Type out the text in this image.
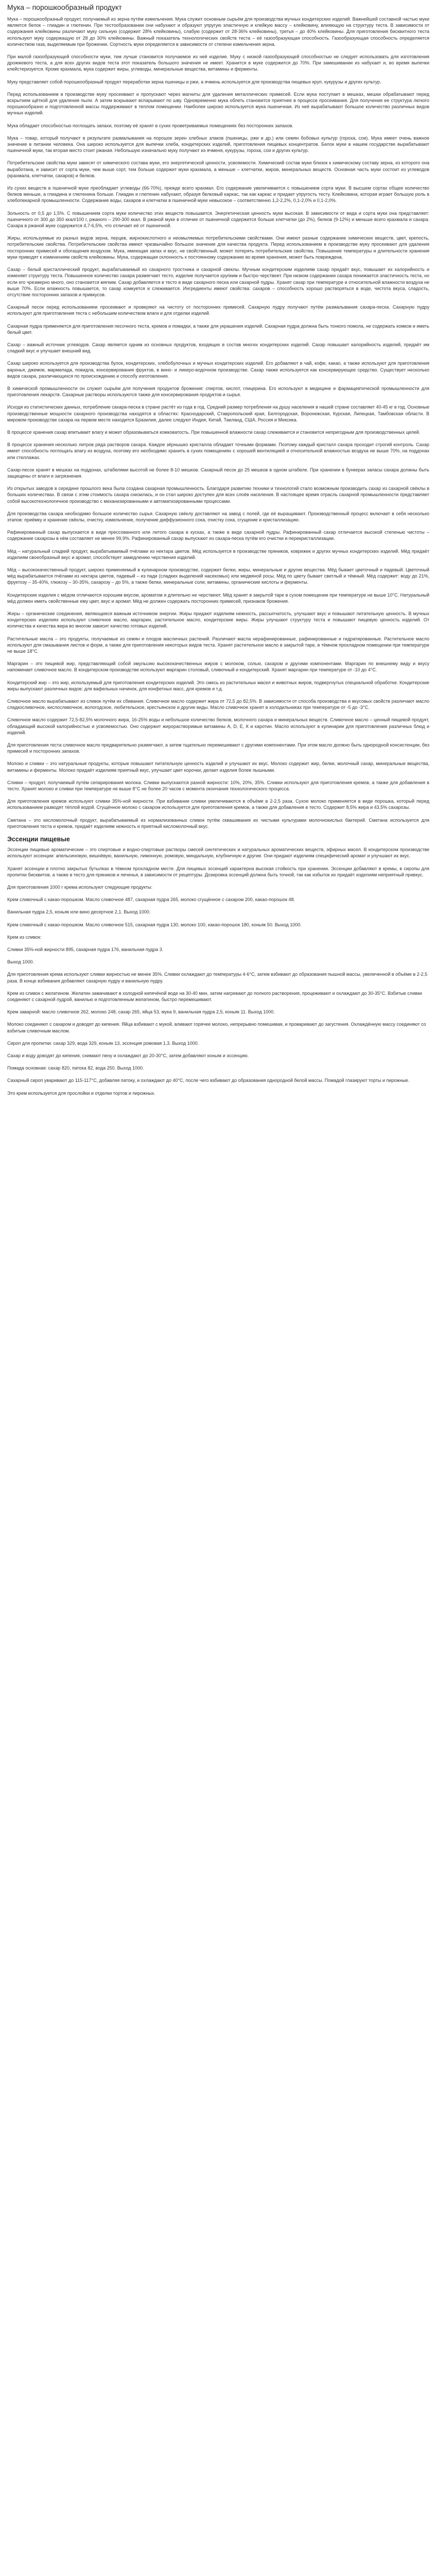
Мука – порошкообразный продукт

Мука – порошкообразный продукт, получаемый из зерна путём измельчения. Мука служит основным сырьём для производства мучных кондитерских изделий. Важнейшей составной частью муки является белок – глиадин и глютенин. При тестообразовании они набухают и образуют упругую эластичную и клейкую массу – клейковину, влияющую на структуру теста. В зависимости от содержания клейковины различают муку сильную (содержит 28% клейковины), слабую (содержит от 28-36% клейковины), третья – до 40% клейковины. Для приготовления бисквитного теста используют муку содержащую от 28 до 30% клейковины. Важный показатель технологических свойств теста – её газообразующая способность. Газообразующая способность определяется количеством газа, выделяемым при брожении. Сортность муки определяется в зависимости от степени измельчения зерна.

При малой газообразующей способности муки, тем лучше становится получаемое из неё изделие. Муку с низкой газообразующей способностью не следует использовать для изготовления дрожжевого теста, а для всех других видов теста этот показатель большого значения не имеет. Хранится в муке содержится до 70%. При замешивании из набухает и, во время выпечки клейстеризуется. Кроме крахмала, мука содержит жиры, углеводы, минеральные вещества, витамины и ферменты.

Муку представляет собой порошкообразный продукт переработки зерна пшеницы и ржи, а ячмень используется для производства пищевых круп, кукурузы и других культур.

Перед использованием в производстве муку просеивают и пропускают через магниты для удаления металлических примесей. Если мука поступает в мешках, мешки обрабатывают перед вскрытием щёткой для удаления пыли. А затем вскрывают вспарывают по шву. Одновременно мука облеть становится приятнее в процессе просеивания. Для получения ее структура легкого порошкообразно и подготовленной массы поддерживают в теплом помещении. Наиболее широко используется мука пшеничная. Из неё вырабатывают большое количество различных видов мучных изделий.

Мука обладает способностью поглощать запахи, поэтому её хранят в сухих проветриваемых помещениях без посторонних запахов.

Мука – товар, который получают в результате размалывания на порошок зерен хлебных злаков (пшеницы, ржи и др.) или семян бобовых культур (гороха, сои). Мука имеет очень важное значение в питании человека. Она широко используется для выпечки хлеба, кондитерских изделий, приготовления пищевых концентратов. Белок муки в нашем государстве вырабатывают пшеничной муки, так вторая место стоит ржаная. Небольшую изначально муку получают из ячменя, кукурузы, гороха, сои и других культур.

Потребительские свойства муки зависят от химического состава муки, его энергетической ценности, усвояемости. Химический состав муки близок к химическому составу зерна, из которого она выработана, и зависит от сорта муки, чем выше сорт, тем больше содержит муки крахмала, а меньше – клетчатки, жиров, минеральных веществ. Основная часть муки состоит из углеводов (крахмала, клетчатки, сахаров) и белков.

Из сухих веществ в пшеничной муке преобладает углеводы (66-70%), прежде всего крахмал. Его содержание увеличивается с повышением сорта муки. В высшем сортах общее количество белков меньше, а глиадина и глютенина больше. Глиадин и глютенин набухают, образуя белковый каркас, так как каркас и придает упругость тесту. Клейковина, которая играет большую роль в хлебопекарной промышленности. Содержание воды, сахаров и клетчатки в пшеничной муке невысокое – соответственно 1,2-2,2%, 0,1-2,0% и 0,1-2,0%.

Зольность от 0,5 до 1,5%. С повышением сорта муки количество этих веществ повышается. Энергетическая ценность муки высокая. В зависимости от вида и сорта муки она представляет: пшеничного от 300 до 350 ккал/100 г, ржаного – 290-300 ккал. В ржаной муке в отличие от пшеничной содержится больше клетчатки (до 2%), белков (9-12%) и меньше всего крахмала и сахара. Сахара в ржаной муке содержится 4,7-6,5%, что отличает её от пшеничной.

Жиры, используемые из разных видов зерна, перцев, жирнокислотного и неомыляемых потребительскими свойствами. Они имеют разные содержание химических веществ, цвет, крепость, потребительские свойства. Потребительские свойства имеют чрезвычайно большое значение для качества продукта. Перед использованием в производстве муку просеивают для удаления посторонних примесей и обогащения воздухом. Мука, имеющая запах и вкус, не свойственный, может потерять потребительские свойства. Повышение температуры и длительности хранения муки приводят к изменениям свойств клейковины. Мука, содержащая склонность к постоянному содержанию во время хранения, может быть повреждена.

Сахар – белый кристаллический продукт, вырабатываемый из сахарного тростника и сахарной свеклы. Мучным кондитерским изделиям сахар придаёт вкус, повышает их калорийность и изменяет структуру теста. Повышенное количество сахара размягчает тесто, изделие получается хрупким и быстро черствеет. При низком содержании сахара понижается эластичность теста, но если его чрезмерно много, оно становится мягким. Сахар добавляется в тесто в виде сахарного песка или сахарной пудры. Хранят сахар при температуре и относительной влажности воздуха не выше 70%. Если влажность повышается, то сахар комкуется и слеживается. Ингредиенты имеют свойства: сахаров – способность хорошо растворяться в воде, чистота вкуса, сладость, отсутствие посторонних запахов и привкусов.

Сахарный песок перед использованием просеивают и проверяют на чистоту от посторонних примесей. Сахарную пудру получают путём размалывания сахара-песка. Сахарную пудру используют для приготовления теста с небольшим количеством влаги и для отделки изделий.

Сахарная пудра применяется для приготовления песочного теста, кремов и помадки, а также для украшения изделий. Сахарная пудра должна быть тонкого помола, не содержать комков и иметь белый цвет.

Сахар – важный источник углеводов. Сахар является одним из основных продуктов, входящих в состав многих кондитерских изделий. Сахар повышает калорийность изделий, придаёт им сладкий вкус и улучшает внешний вид.

Сахар широко используется для производства булок, кондитерских, хлебобулочных и мучных кондитерских изделий. Его добавляют в чай, кофе, какао, а также используют для приготовления варенья, джемов, мармелада, повидла, консервирования фруктов, в вино- и ликеро-водочном производстве. Сахар также используется как консервирующее средство. Существует несколько видов сахара, различающихся по происхождению и способу изготовления.

В химической промышленности он служит сырьём для получения продуктов брожения: спиртов, кислот, глицерина. Его используют в медицине и фармацевтической промышленности для приготовления лекарств. Сахарные растворы используются также для консервирования продуктов и сырья.

Исходя из статистических данных, потребление сахара-песка в стране растёт из года в год. Средний размер потребления на душу населения в нашей стране составляет 40-45 кг в год. Основные производственные мощности сахарного производства находятся в областях: Краснодарский, Ставропольский края, Белгородская, Воронежская, Курская, Липецкая, Тамбовская области. В мировом производстве сахара на первом месте находится Бразилия, далее следуют Индия, Китай, Таиланд, США, Россия и Мексика.

В процессе хранения сахар впитывает влагу и может образовываться комковатость. При повышенной влажности сахар слеживается и становится непригодным для производственных целей.

В процессе хранения несколько литров ряда растворов сахара. Каждое зёрнышко кристалла обладает точными формами. Поэтому каждый кристалл сахара проходит строгий контроль. Сахар имеет способность поглощать влагу из воздуха, поэтому его необходимо хранить в сухих помещениях с хорошей вентиляцией и относительной влажностью воздуха не выше 70%, на поддонах или стеллажах.

Сахар-песок хранят в мешках на поддонах, штабелями высотой не более 8-10 мешков. Сахарный песок до 25 мешков в одном штабеле. При хранении в бункерах запасы сахара должны быть защищены от влаги и загрязнения.

Из открытых заводов в середине прошлого века была создана сахарная промышленность. Благодаря развитию техники и технологий стало возможным производить сахар из сахарной свёклы в больших количествах. В связи с этим стоимость сахара снизилась, и он стал широко доступен для всех слоёв населения. В настоящее время отрасль сахарной промышленности представляет собой высокотехнологичное производство с механизированными и автоматизированными процессами.

Для производства сахара необходимо большое количество сырья. Сахарную свёклу доставляют на завод с полей, где её выращивают. Производственный процесс включает в себя несколько этапов: приёмку и хранение свёклы, очистку, измельчение, получение диффузионного сока, очистку сока, сгущение и кристаллизацию.

Рафинированный сахар выпускается в виде прессованного или литого сахара в кусках, а также в виде сахарной пудры. Рафинированный сахар отличается высокой степенью чистоты – содержание сахарозы в нём составляет не менее 99,9%. Рафинированный сахар выпускают из сахара-песка путём его очистки и перекристаллизации.

Мёд – натуральный сладкий продукт, вырабатываемый пчёлами из нектара цветов. Мёд используется в производстве пряников, коврижек и других мучных кондитерских изделий. Мёд придаёт изделиям своеобразный вкус и аромат, способствует замедлению черствения изделий.

Мёд – высококачественный продукт, широко применяемый в кулинарном производстве, содержит белки, жиры, минеральные и другие вещества. Мёд бывает цветочный и падевый. Цветочный мёд вырабатывается пчёлами из нектара цветов, падевый – из пади (сладких выделений насекомых) или медвяной росы. Мёд по цвету бывает светлый и тёмный. Мёд содержит: воду до 21%, фруктозу – 35-40%, глюкозу – 30-35%, сахарозу – до 5%, а также белки, минеральные соли, витамины, органические кислоты и ферменты.

Кондитерские изделия с мёдом отличаются хорошим вкусом, ароматом и длительно не черствеют. Мёд хранят в закрытой таре в сухом помещении при температуре не выше 10°С. Натуральный мёд должен иметь свойственные ему цвет, вкус и аромат. Мёд не должен содержать посторонних примесей, признаков брожения.

Жиры – органические соединения, являющиеся важным источником энергии. Жиры придают изделиям нежность, рассыпчатость, улучшают вкус и повышают питательную ценность. В мучных кондитерских изделиях используют сливочное масло, маргарин, растительное масло, кондитерские жиры. Жиры улучшают структуру теста и повышают пищевую ценность изделий. От количества и качества жира во многом зависит качество готовых изделий.

Растительные масла – это продукты, получаемые из семян и плодов масличных растений. Различают масла нерафинированные, рафинированные и гидратированные. Растительное масло используют для смазывания листов и форм, а также для приготовления некоторых видов теста. Хранят растительное масло в закрытой таре, в тёмном прохладном помещении при температуре не выше 18°С.

Маргарин – это пищевой жир, представляющий собой эмульсию высококачественных жиров с молоком, солью, сахаром и другими компонентами. Маргарин по внешнему виду и вкусу напоминает сливочное масло. В кондитерском производстве используют маргарин столовый, сливочный и кондитерский. Хранят маргарин при температуре от -10 до 4°С.

Кондитерский жир – это жир, используемый для приготовления кондитерских изделий. Это смесь из растительных масел и животных жиров, подвергнутых специальной обработке. Кондитерские жиры выпускают различных видов: для вафельных начинок, для конфетных масс, для кремов и т.д.

Сливочное масло вырабатывают из сливок путём их сбивания. Сливочное масло содержит жира от 72,5 до 82,5%. В зависимости от способа производства и вкусовых свойств различают масло сладкосливочное, кислосливочное, вологодское, любительское, крестьянское и другие виды. Масло сливочное хранят в холодильниках при температуре от -5 до -3°С.

Сливочное масло содержит 72,5-82,5% молочного жира, 16-25% воды и небольшое количество белков, молочного сахара и минеральных веществ. Сливочное масло – ценный пищевой продукт, обладающий высокой калорийностью и усвояемостью. Оно содержит жирорастворимые витамины A, D, E, К и каротин. Масло используют в кулинарии для приготовления различных блюд и изделий.

Для приготовления теста сливочное масло предварительно размягчают, а затем тщательно перемешивают с другими компонентами. При этом масло должно быть однородной консистенции, без примесей и посторонних запахов.

Молоко и сливки – это натуральные продукты, которые повышают питательную ценность изделий и улучшают их вкус. Молоко содержит жир, белки, молочный сахар, минеральные вещества, витамины и ферменты. Молоко придаёт изделиям приятный вкус, улучшает цвет корочки, делает изделия более пышными.

Сливки – продукт, получаемый путём сепарирования молока. Сливки выпускаются разной жирности: 10%, 20%, 35%. Сливки используют для приготовления кремов, а также для добавления в тесто. Хранят молоко и сливки при температуре не выше 8°С не более 20 часов с момента окончания технологического процесса.

Для приготовления кремов используют сливки 35%-ной жирности. При взбивании сливки увеличиваются в объёме в 2-2,5 раза. Сухое молоко применяется в виде порошка, который перед использованием разводят тёплой водой. Сгущённое молоко с сахаром используется для приготовления кремов, а также для добавления в тесто. Содержит 8,5% жира и 43,5% сахарозы.

Сметана – это кисломолочный продукт, вырабатываемый из нормализованных сливок путём сквашивания их чистыми культурами молочнокислых бактерий. Сметана используется для приготовления теста и кремов, придаёт изделиям нежность и приятный кисломолочный вкус.

Эссенции пищевые

Эссенции пищевые ароматические – это спиртовые и водно-спиртовые растворы смесей синтетических и натуральных ароматических веществ, эфирных масел. В кондитерском производстве используют эссенции: апельсиновую, вишнёвую, ванильную, лимонную, ромовую, миндальную, клубничную и другие. Они придают изделиям специфический аромат и улучшают их вкус.

Хранят эссенции в плотно закрытых бутылках в тёмном прохладном месте. Для пищевых эссенций характерна высокая стойкость при хранении. Эссенции добавляют в кремы, в сиропы для пропитки бисквитов, а также в тесто для пряников и печенья, в зависимости от рецептуры. Дозировка эссенций должна быть точной, так как избыток их придаёт изделиям неприятный привкус.

Для приготовления 1000 г крема используют следующие продукты:
Крем сливочный с какао-порошком. Масло сливочное 487, сахарная пудра 265, молоко сгущённое с сахаром 200, какао-порошок 48.
Ванильная пудра 2,5, коньяк или вино десертное 2,1. Выход 1000.
Крем сливочный с какао-порошком. Масло сливочное 515, сахарная пудра 130, молоко 100, какао-порошок 180, коньяк 50. Выход 1000.
Крем из сливок:
Сливки 35%-ной жирности 895, сахарная пудра 176, ванильная пудра 3.
Выход 1000.
Для приготовления крема используют сливки жирностью не менее 35%. Сливки охлаждают до температуры 4-6°С, затем взбивают до образования пышной массы, увеличенной в объёме в 2-2,5 раза. В конце взбивания добавляют сахарную пудру и ванильную пудру.
Крем из сливок с желатином. Желатин замачивают в холодной кипячёной воде на 30-40 мин, затем нагревают до полного растворения, процеживают и охлаждают до 30-35°С. Взбитые сливки соединяют с сахарной пудрой, ванилью и подготовленным желатином, быстро перемешивают.
Крем заварной: масло сливочное 262, молоко 248, сахар 265, яйца 53, мука 9, ванильная пудра 2,5, коньяк 11. Выход 1000.
Молоко соединяют с сахаром и доводят до кипения. Яйца взбивают с мукой, вливают горячее молоко, непрерывно помешивая, и проваривают до загустения. Охлаждённую массу соединяют со взбитым сливочным маслом.
Сироп для пропитки: сахар 329, вода 329, коньяк 13, эссенция ромовая 1,3. Выход 1000.
Сахар и воду доводят до кипения, снимают пену и охлаждают до 20-30°С, затем добавляют коньяк и эссенцию.
Помада основная: сахар 820, патока 82, вода 250. Выход 1000.

Сахарный сироп уваривают до 115-117°С, добавляя патоку, и охлаждают до 40°С, после чего взбивают до образования однородной белой массы. Помадой глазируют торты и пирожные.

Это крем используется для прослойки и отделки тортов и пирожных.
